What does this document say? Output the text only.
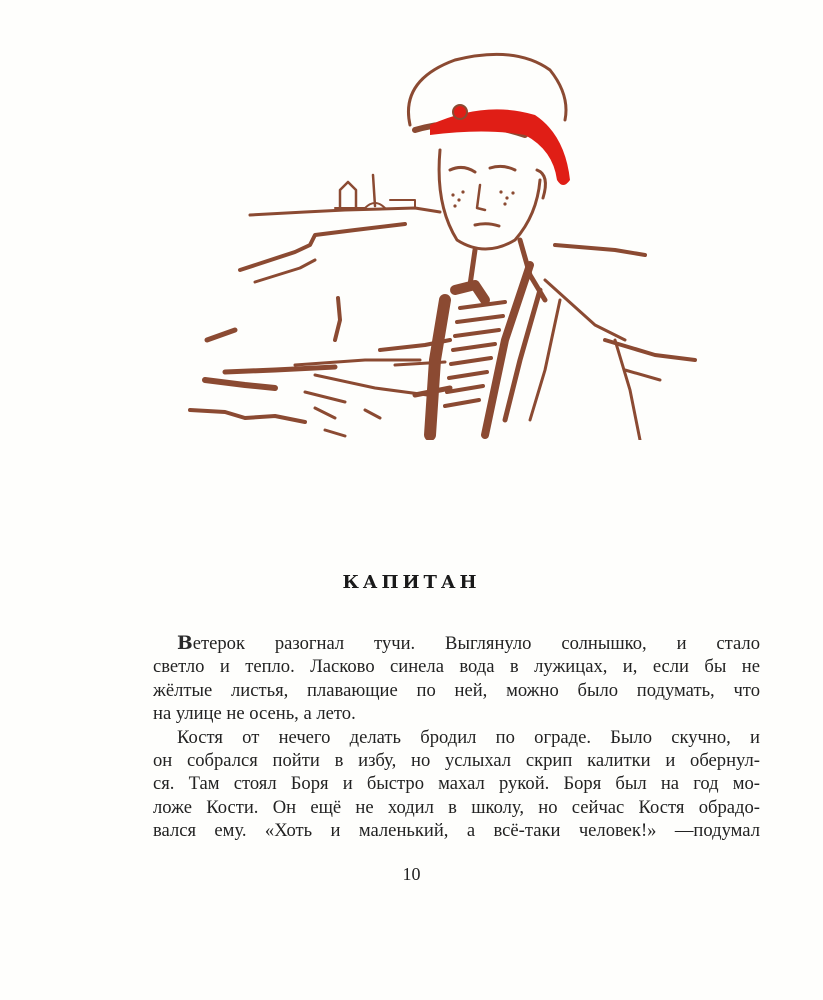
КАПИТАН
Ветерок разогнал тучи. Выглянуло солнышко, и стало
светло и тепло. Ласково синела вода в лужицах, и, если бы не
жёлтые листья, плавающие по ней, можно было подумать, что
на улице не осень, а лето.
Костя от нечего делать бродил по ограде. Было скучно, и
он собрался пойти в избу, но услыхал скрип калитки и обернул-
ся. Там стоял Боря и быстро махал рукой. Боря был на год мо-
ложе Кости. Он ещё не ходил в школу, но сейчас Костя обрадо-
вался ему. «Хоть и маленький, а всё-таки человек!» —подумал
10
